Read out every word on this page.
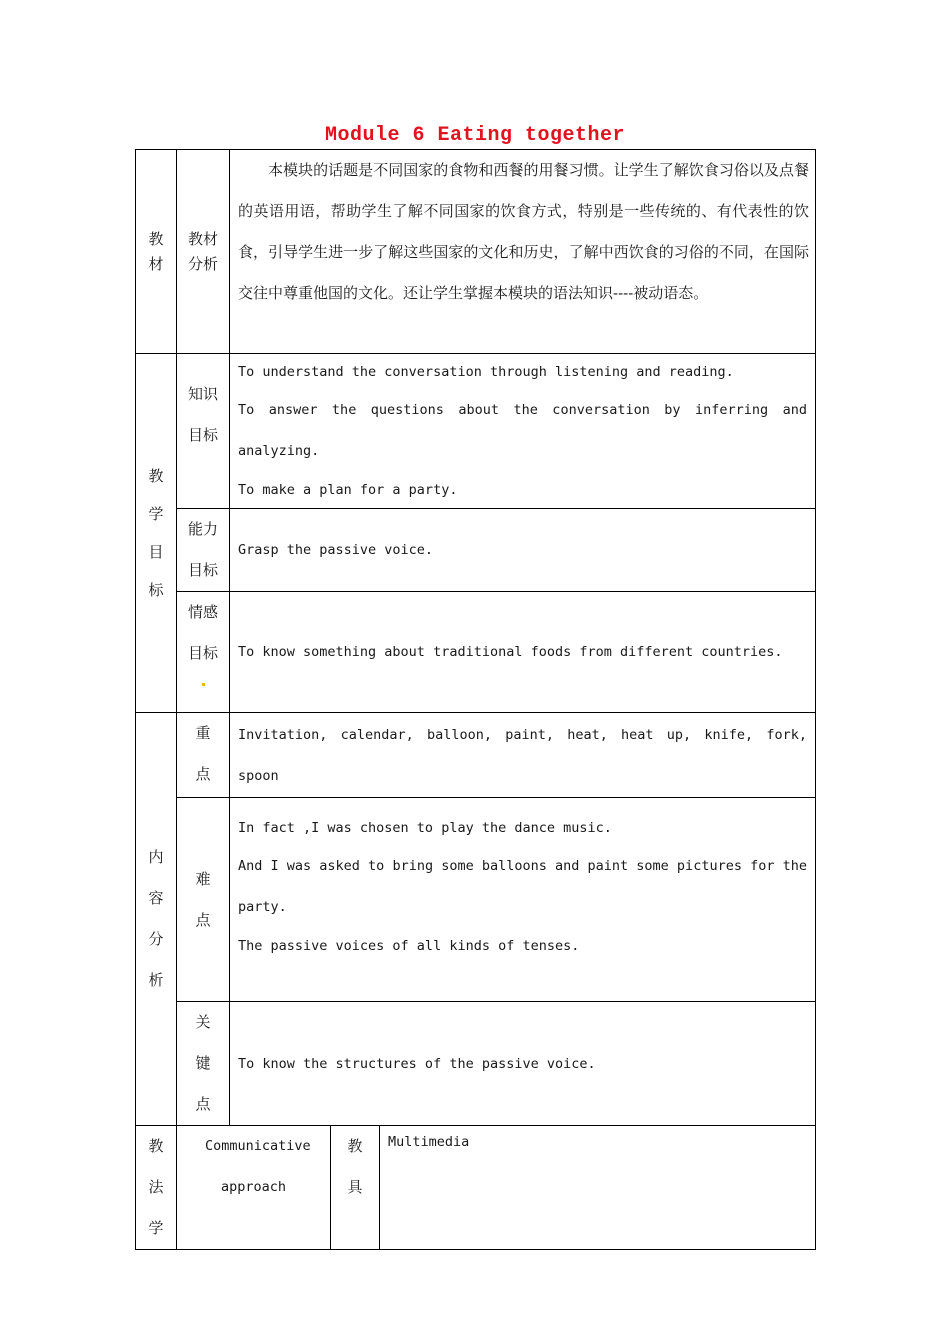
Module 6 Eating together
教材	教材分析	本模块的话题是不同国家的食物和西餐的用餐习惯。让学生了解饮食习俗以及点餐的英语用语，帮助学生了解不同国家的饮食方式，特别是一些传统的、有代表性的饮食，引导学生进一步了解这些国家的文化和历史，了解中西饮食的习俗的不同，在国际交往中尊重他国的文化。还让学生掌握本模块的语法知识----被动语态。		

教学目标	知识目标	To understand the conversation through listening and reading.
To answer the questions about the conversation by inferring and analyzing.
To make a plan for a party.		

	能力目标	Grasp the passive voice.		

	情感目标	To know something about traditional foods from different countries.		

内容分析	重点	Invitation, calendar, balloon, paint, heat, heat up, knife, fork, spoon		

	难点	In fact ,I was chosen to play the dance music.
And I was asked to bring some balloons and paint some pictures for the party.
The passive voices of all kinds of tenses.		

	关键点	To know the structures of the passive voice.		

教法学	Communicative approach		教具	Multimedia
